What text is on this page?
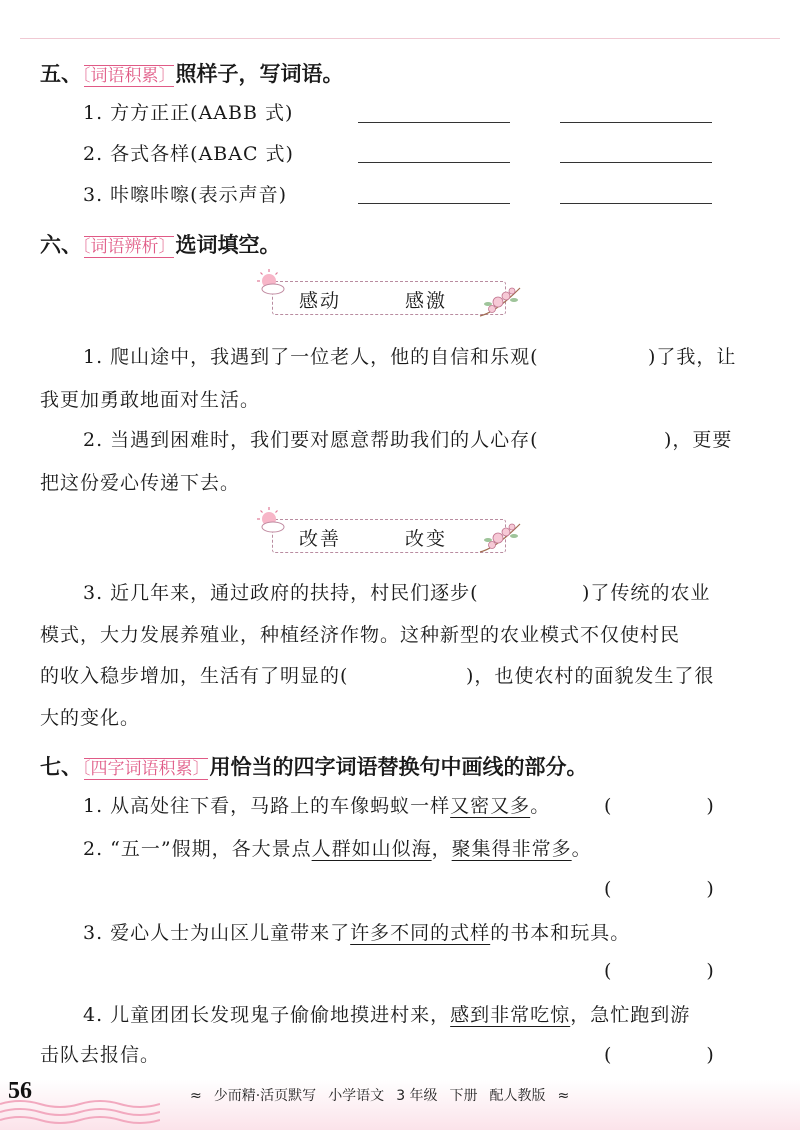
五、 〔 词语积累 〕 照样子，写词语。
1. 方方正正(AABB 式)
2. 各式各样(ABAC 式)
3. 咔嚓咔嚓(表示声音)
六、 〔 词语辨析 〕 选词填空。
感动	感激
1. 爬山途中，我遇到了一位老人，他的自信和乐观(	)了我，让
我更加勇敢地面对生活。
2. 当遇到困难时，我们要对愿意帮助我们的人心存(	)，更要
把这份爱心传递下去。
改善	改变
3. 近几年来，通过政府的扶持，村民们逐步(	)了传统的农业
模式，大力发展养殖业，种植经济作物。这种新型的农业模式不仅使村民
的收入稳步增加，生活有了明显的(	)，也使农村的面貌发生了很
大的变化。
七、 〔 四字词语积累 〕 用恰当的四字词语替换句中画线的部分。
1. 从高处往下看，马路上的车像蚂蚁一样又密又多。	(　　　　　)
2. “五一”假期，各大景点人群如山似海，聚集得非常多。
(　　　　　)
3. 爱心人士为山区儿童带来了许多不同的式样的书本和玩具。
(　　　　　)
4. 儿童团团长发现鬼子偷偷地摸进村来，感到非常吃惊，急忙跑到游
击队去报信。	(　　　　　)
56	≈ 少而精·活页默写 小学语文 3 年级 下册 配人教版 ≈
